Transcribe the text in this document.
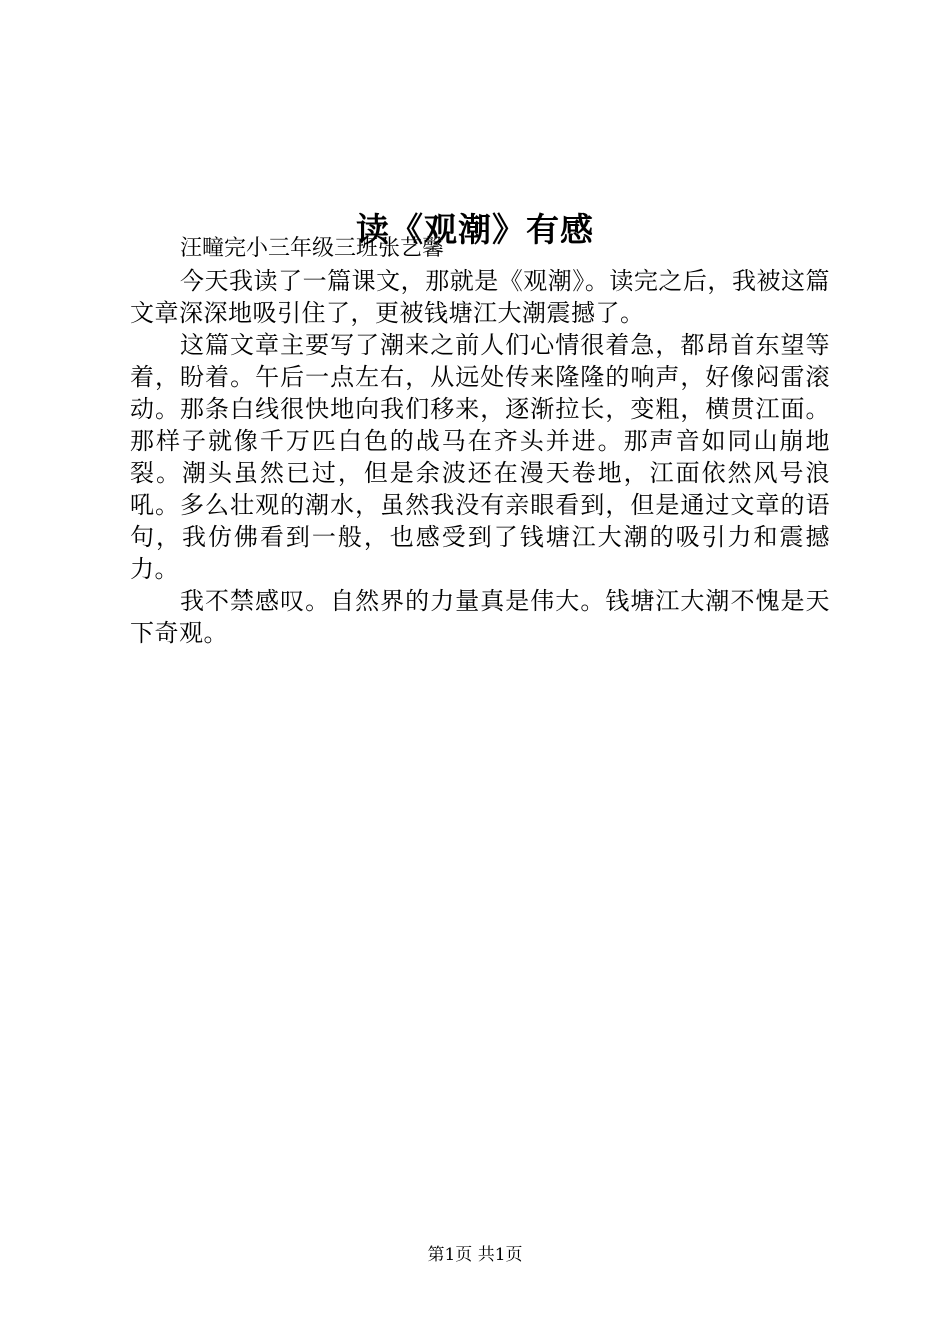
读《观潮》有感

汪疃完小三年级三班张艺馨

今天我读了一篇课文，那就是《观潮》。读完之后，我被这篇文章深深地吸引住了，更被钱塘江大潮震撼了。

这篇文章主要写了潮来之前人们心情很着急，都昂首东望等着，盼着。午后一点左右，从远处传来隆隆的响声，好像闷雷滚动。那条白线很快地向我们移来，逐渐拉长，变粗，横贯江面。那样子就像千万匹白色的战马在齐头并进。那声音如同山崩地裂。潮头虽然已过，但是余波还在漫天卷地，江面依然风号浪吼。多么壮观的潮水，虽然我没有亲眼看到，但是通过文章的语句，我仿佛看到一般，也感受到了钱塘江大潮的吸引力和震撼力。

我不禁感叹。自然界的力量真是伟大。钱塘江大潮不愧是天下奇观。

第1页 共1页
